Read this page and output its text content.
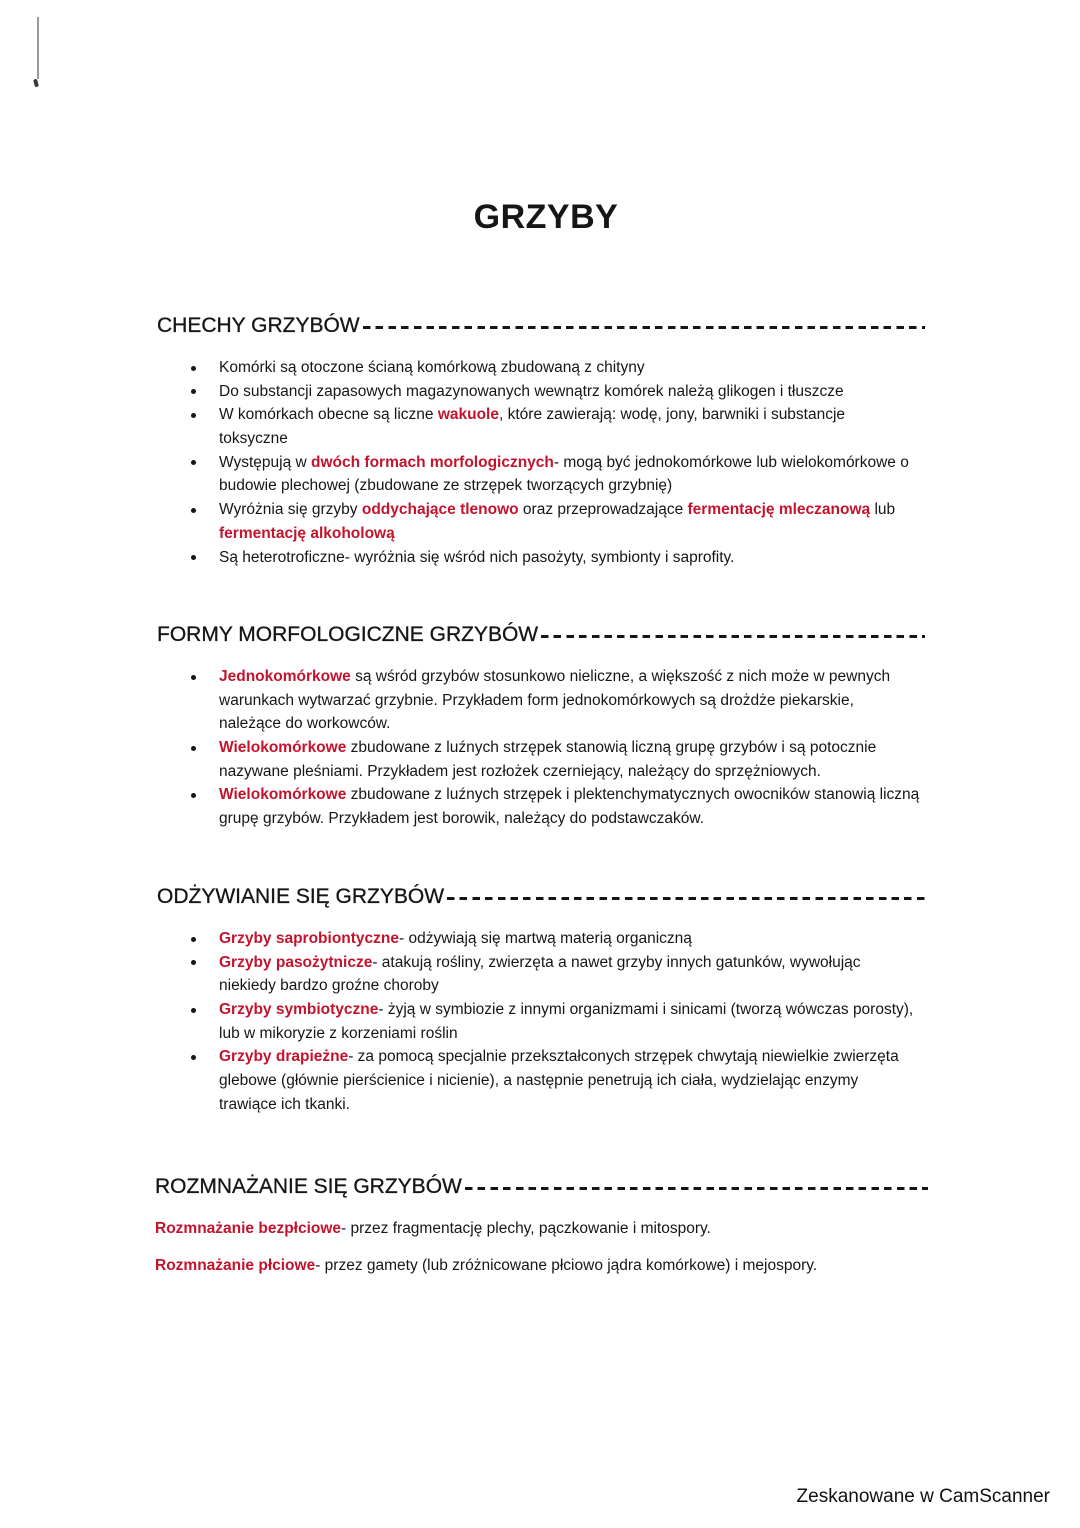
GRZYBY
CHECHY GRZYBÓW
Komórki są otoczone ścianą komórkową zbudowaną z chityny
Do substancji zapasowych magazynowanych wewnątrz komórek należą glikogen i tłuszcze
W komórkach obecne są liczne wakuole, które zawierają: wodę, jony, barwniki i substancje
toksyczne
Występują w dwóch formach morfologicznych- mogą być jednokomórkowe lub wielokomórkowe o
budowie plechowej (zbudowane ze strzępek tworzących grzybnię)
Wyróżnia się grzyby oddychające tlenowo oraz przeprowadzające fermentację mleczanową lub
fermentację alkoholową
Są heterotroficzne- wyróżnia się wśród nich pasożyty, symbionty i saprofity.
FORMY MORFOLOGICZNE GRZYBÓW
Jednokomórkowe są wśród grzybów stosunkowo nieliczne, a większość z nich może w pewnych
warunkach wytwarzać grzybnie. Przykładem form jednokomórkowych są drożdże piekarskie,
należące do workowców.
Wielokomórkowe zbudowane z luźnych strzępek stanowią liczną grupę grzybów i są potocznie
nazywane pleśniami. Przykładem jest rozłożek czerniejący, należący do sprzężniowych.
Wielokomórkowe zbudowane z luźnych strzępek i plektenchymatycznych owocników stanowią liczną
grupę grzybów. Przykładem jest borowik, należący do podstawczaków.
ODŻYWIANIE SIĘ GRZYBÓW
Grzyby saprobiontyczne- odżywiają się martwą materią organiczną
Grzyby pasożytnicze- atakują rośliny, zwierzęta a nawet grzyby innych gatunków, wywołując
niekiedy bardzo groźne choroby
Grzyby symbiotyczne- żyją w symbiozie z innymi organizmami i sinicami (tworzą wówczas porosty),
lub w mikoryzie z korzeniami roślin
Grzyby drapieżne- za pomocą specjalnie przekształconych strzępek chwytają niewielkie zwierzęta
glebowe (głównie pierścienice i nicienie), a następnie penetrują ich ciała, wydzielając enzymy
trawiące ich tkanki.
ROZMNAŻANIE SIĘ GRZYBÓW

Rozmnażanie bezpłciowe- przez fragmentację plechy, pączkowanie i mitospory.

Rozmnażanie płciowe- przez gamety (lub zróżnicowane płciowo jądra komórkowe) i mejospory.

Zeskanowane w CamScanner
